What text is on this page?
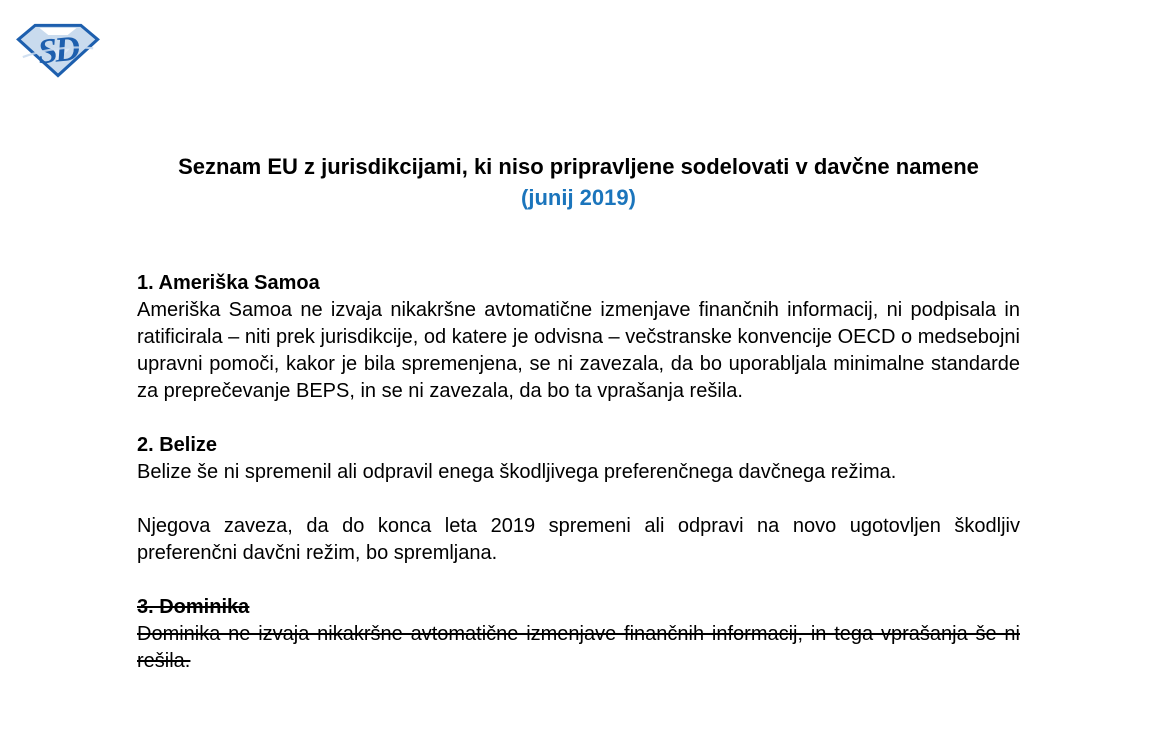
SD
Seznam EU z jurisdikcijami, ki niso pripravljene sodelovati v davčne namene
(junij 2019)
1. Ameriška Samoa

Ameriška Samoa ne izvaja nikakršne avtomatične izmenjave finančnih informacij, ni podpisala in ratificirala – niti prek jurisdikcije, od katere je odvisna – večstranske konvencije OECD o medsebojni upravni pomoči, kakor je bila spremenjena, se ni zavezala, da bo uporabljala minimalne standarde za preprečevanje BEPS, in se ni zavezala, da bo ta vprašanja rešila.

2. Belize

Belize še ni spremenil ali odpravil enega škodljivega preferenčnega davčnega režima.

Njegova zaveza, da do konca leta 2019 spremeni ali odpravi na novo ugotovljen škodljiv preferenčni davčni režim, bo spremljana.

3. Dominika

Dominika ne izvaja nikakršne avtomatične izmenjave finančnih informacij, in tega vprašanja še ni rešila.
